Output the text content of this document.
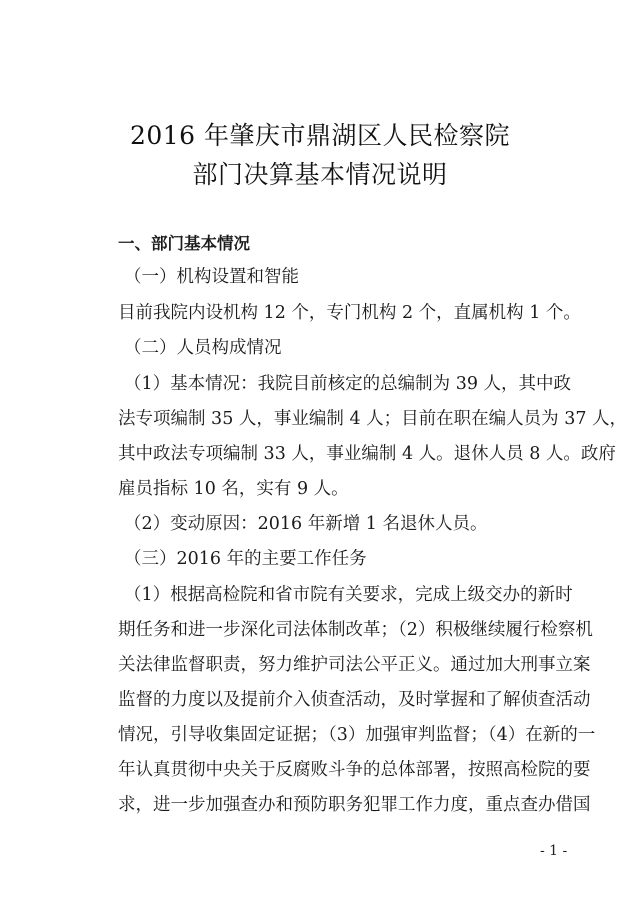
2016 年肇庆市鼎湖区人民检察院
部门决算基本情况说明
一、部门基本情况
（一）机构设置和智能
目前我院内设机构 12 个，专门机构 2 个，直属机构 1 个。
（二）人员构成情况
（1）基本情况：我院目前核定的总编制为 39 人，其中政
法专项编制 35 人，事业编制 4 人；目前在职在编人员为 37 人，
其中政法专项编制 33 人，事业编制 4 人。退休人员 8 人。政府
雇员指标 10 名，实有 9 人。
（2）变动原因：2016 年新增 1 名退休人员。
（三）2016 年的主要工作任务
（1）根据高检院和省市院有关要求，完成上级交办的新时
期任务和进一步深化司法体制改革；（2）积极继续履行检察机
关法律监督职责，努力维护司法公平正义。通过加大刑事立案
监督的力度以及提前介入侦查活动，及时掌握和了解侦查活动
情况，引导收集固定证据；（3）加强审判监督；（4）在新的一
年认真贯彻中央关于反腐败斗争的总体部署，按照高检院的要
求，进一步加强查办和预防职务犯罪工作力度，重点查办借国
- 1 -
